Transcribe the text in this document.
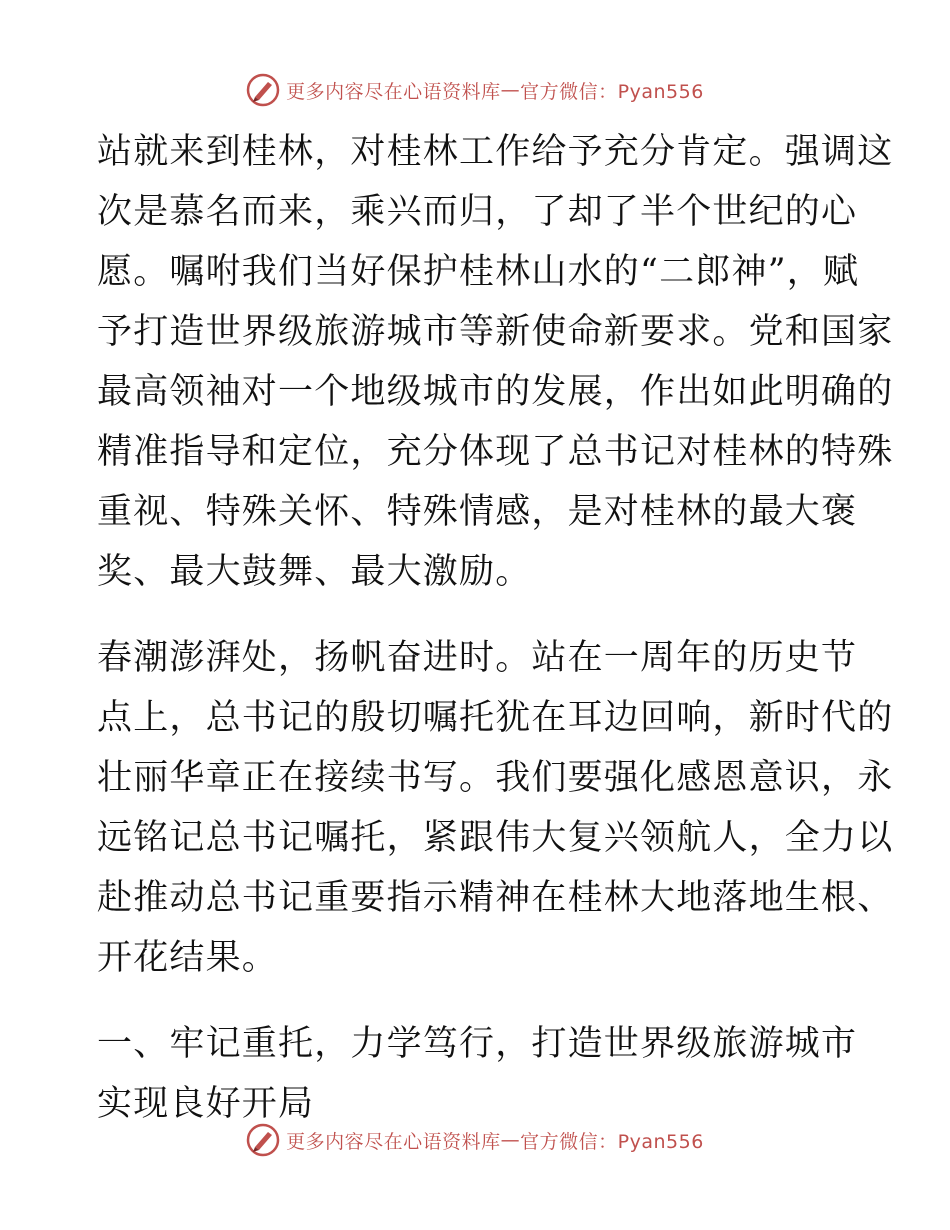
更多内容尽在心语资料库 — 官方微信：Pyan556
站就来到桂林，对桂林工作给予充分肯定。强调这
次是慕名而来，乘兴而归，了却了半个世纪的心
愿。嘱咐我们当好保护桂林山水的“二郎神”，赋
予打造世界级旅游城市等新使命新要求。党和国家
最高领袖对一个地级城市的发展，作出如此明确的
精准指导和定位，充分体现了总书记对桂林的特殊
重视、特殊关怀、特殊情感，是对桂林的最大褒
奖、最大鼓舞、最大激励。
春潮澎湃处，扬帆奋进时。站在一周年的历史节
点上，总书记的殷切嘱托犹在耳边回响，新时代的
壮丽华章正在接续书写。我们要强化感恩意识，永
远铭记总书记嘱托，紧跟伟大复兴领航人，全力以
赴推动总书记重要指示精神在桂林大地落地生根、
开花结果。
一、牢记重托，力学笃行，打造世界级旅游城市
实现良好开局
更多内容尽在心语资料库 — 官方微信：Pyan556
